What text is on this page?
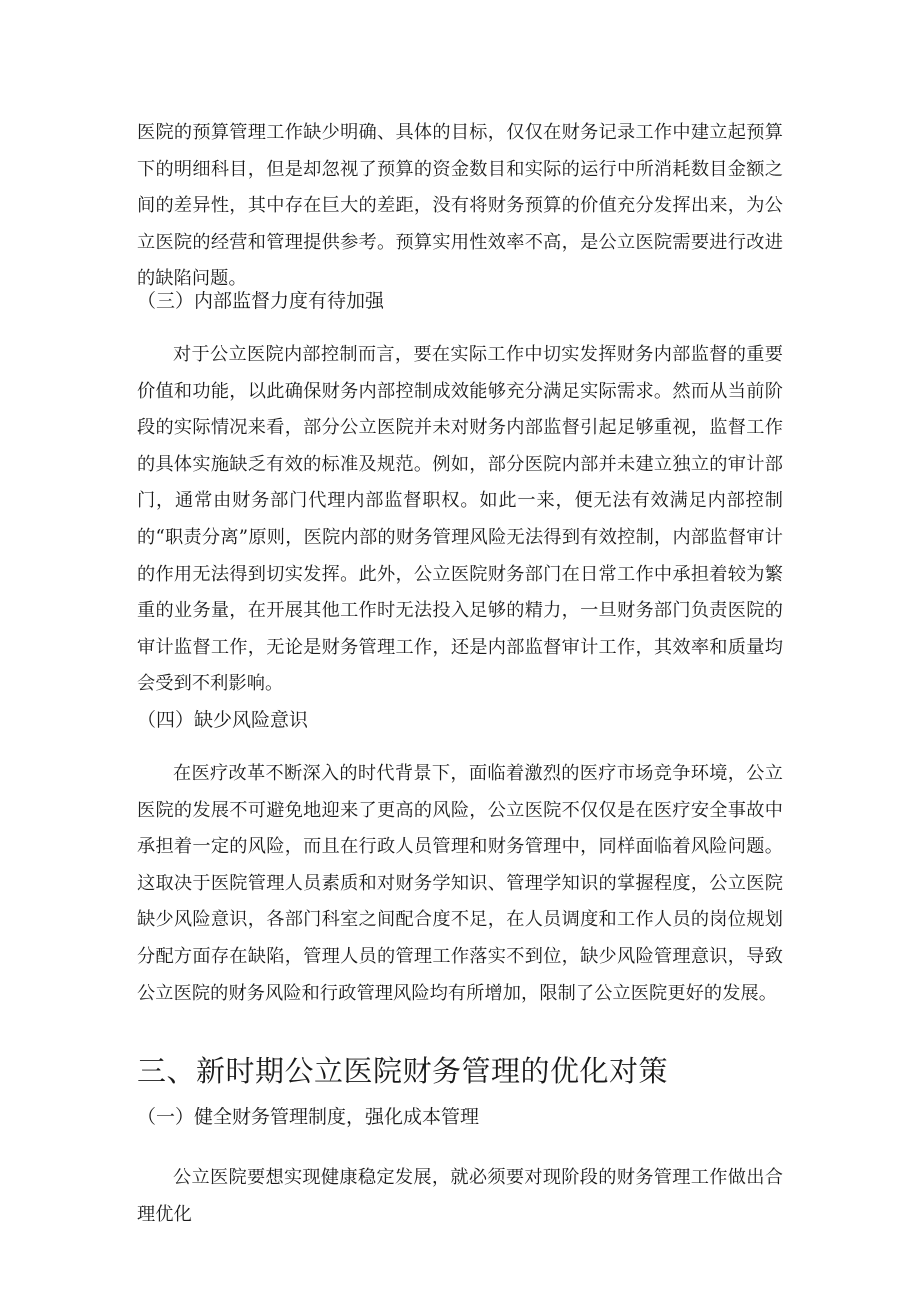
医院的预算管理工作缺少明确、具体的目标，仅仅在财务记录工作中建立起预算下的明细科目，但是却忽视了预算的资金数目和实际的运行中所消耗数目金额之间的差异性，其中存在巨大的差距，没有将财务预算的价值充分发挥出来，为公立医院的经营和管理提供参考。预算实用性效率不高，是公立医院需要进行改进的缺陷问题。

（三）内部监督力度有待加强

对于公立医院内部控制而言，要在实际工作中切实发挥财务内部监督的重要价值和功能，以此确保财务内部控制成效能够充分满足实际需求。然而从当前阶段的实际情况来看，部分公立医院并未对财务内部监督引起足够重视，监督工作的具体实施缺乏有效的标准及规范。例如，部分医院内部并未建立独立的审计部门，通常由财务部门代理内部监督职权。如此一来，便无法有效满足内部控制的“职责分离”原则，医院内部的财务管理风险无法得到有效控制，内部监督审计的作用无法得到切实发挥。此外，公立医院财务部门在日常工作中承担着较为繁重的业务量，在开展其他工作时无法投入足够的精力，一旦财务部门负责医院的审计监督工作，无论是财务管理工作，还是内部监督审计工作，其效率和质量均会受到不利影响。

（四）缺少风险意识

在医疗改革不断深入的时代背景下，面临着激烈的医疗市场竞争环境，公立医院的发展不可避免地迎来了更高的风险，公立医院不仅仅是在医疗安全事故中承担着一定的风险，而且在行政人员管理和财务管理中，同样面临着风险问题。这取决于医院管理人员素质和对财务学知识、管理学知识的掌握程度，公立医院缺少风险意识，各部门科室之间配合度不足，在人员调度和工作人员的岗位规划分配方面存在缺陷，管理人员的管理工作落实不到位，缺少风险管理意识，导致公立医院的财务风险和行政管理风险均有所增加，限制了公立医院更好的发展。

三、新时期公立医院财务管理的优化对策
（一）健全财务管理制度，强化成本管理

公立医院要想实现健康稳定发展，就必须要对现阶段的财务管理工作做出合理优化
